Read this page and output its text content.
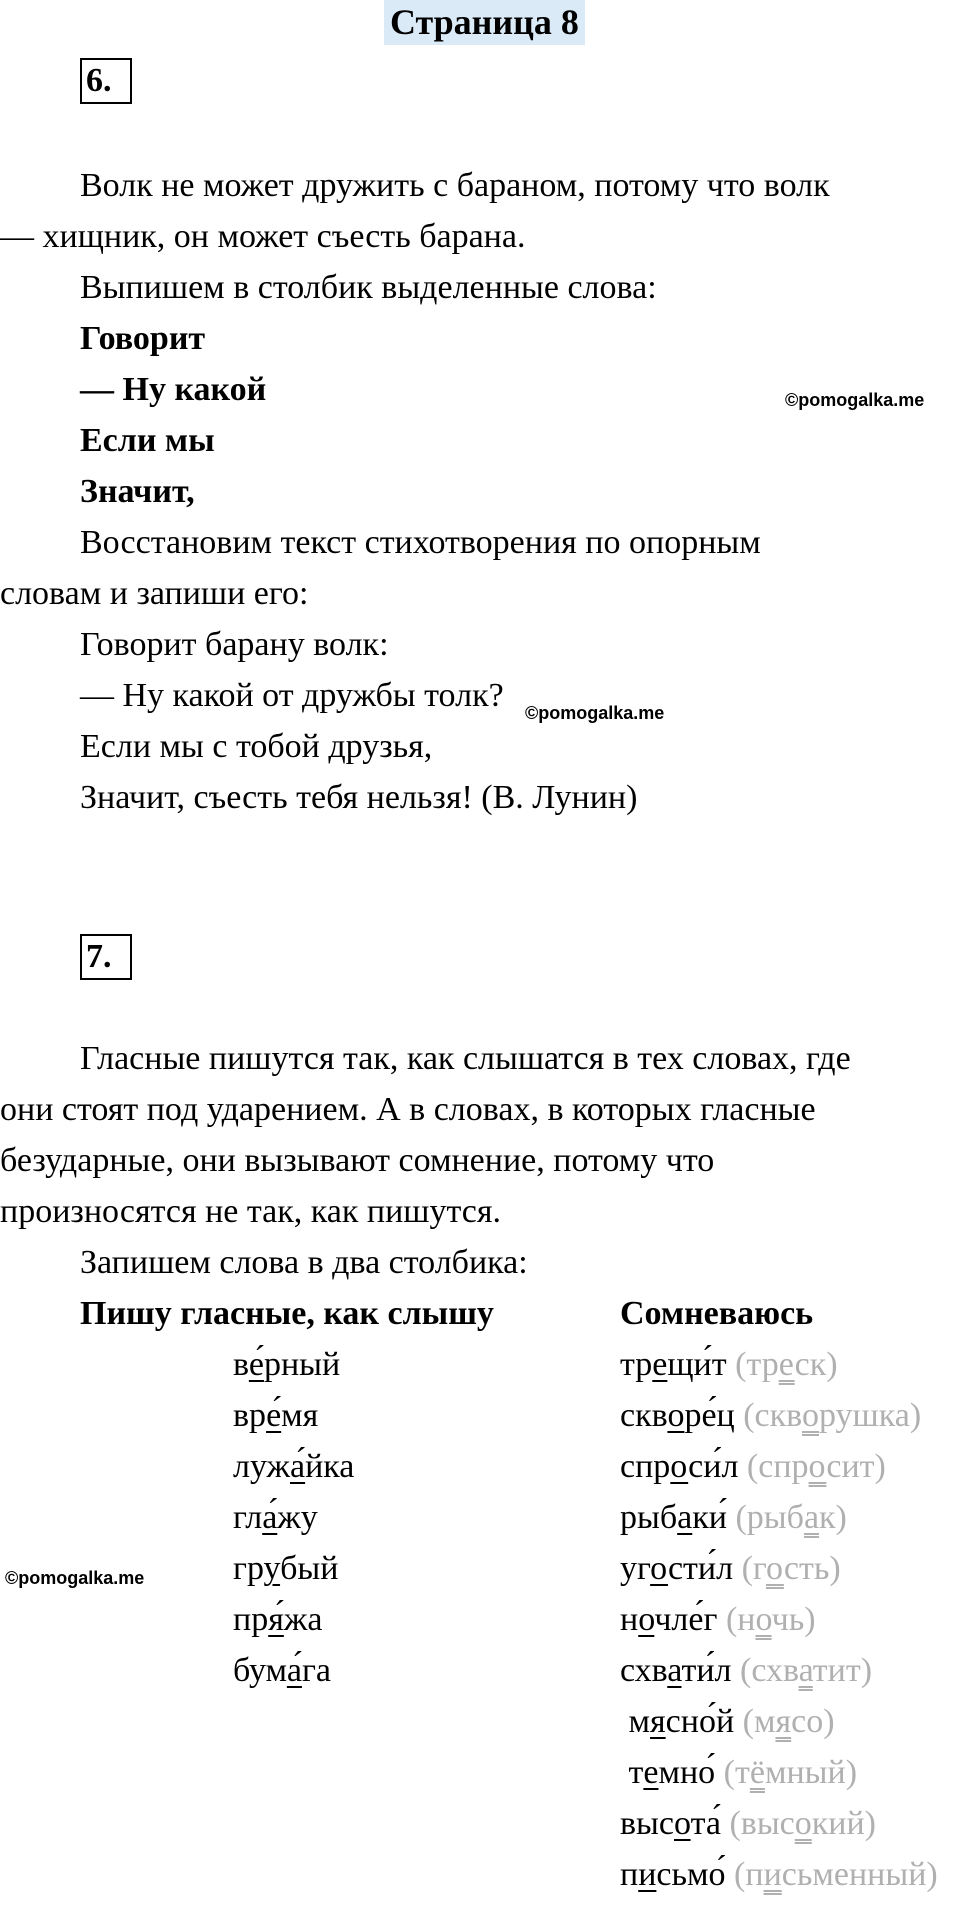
Страница 8
6.
Волк не может дружить с бараном, потому что волк
— хищник, он может съесть барана.
Выпишем в столбик выделенные слова:
Говорит
— Ну какой
Если мы
Значит,
©pomogalka.me
Восстановим текст стихотворения по опорным
словам и запиши его:
Говорит барану волк:
— Ну какой от дружбы толк? ©pomogalka.me
Если мы с тобой друзья,
Значит, съесть тебя нельзя! (В. Лунин)
7.
Гласные пишутся так, как слышатся в тех словах, где
они стоят под ударением. А в словах, в которых гласные
безударные, они вызывают сомнение, потому что
произносятся не так, как пишутся.
Запишем слова в два столбика:
Пишу гласные, как слышу	Сомневаюсь
ве́рный
вре́мя
лужа́йка
гла́жу
грубый
пря́жа
бума́га
трещи́т (треск)
скворе́ц (скворушка)
спроси́л (спросит)
рыбаки́ (рыбак)
угости́л (гость)
ночле́г (ночь)
схвати́л (схватит)
мясно́й (мясо)
темно́ (тёмный)
высота́ (высокий)
письмо́ (письменный)
©pomogalka.me
